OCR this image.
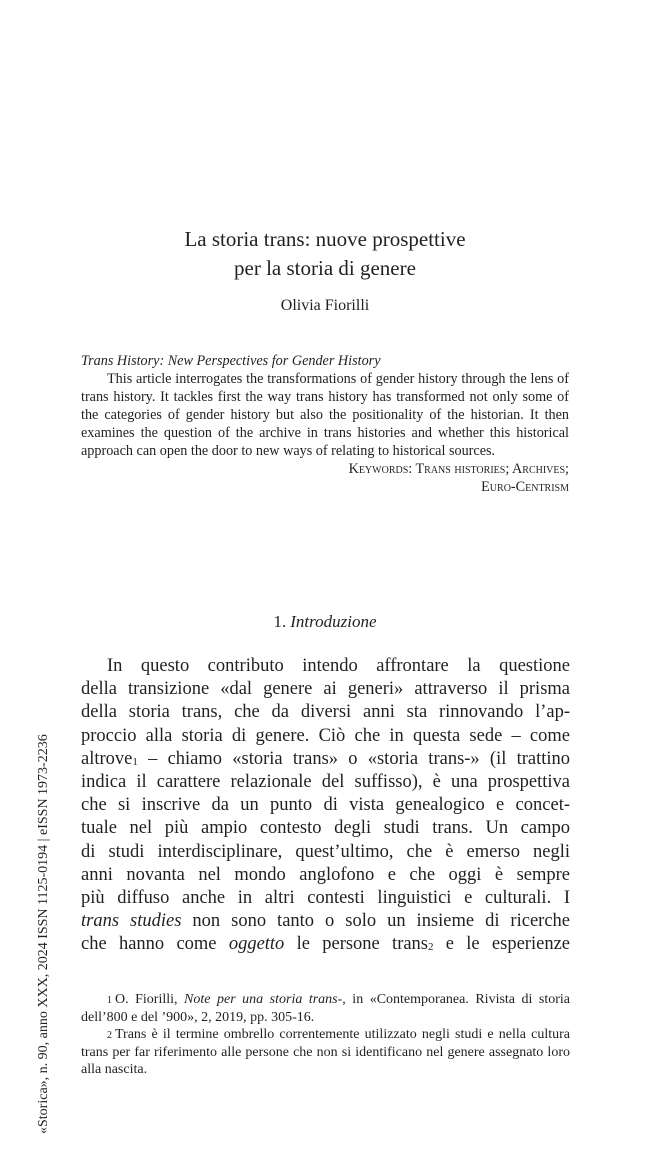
La storia trans: nuove prospettive
per la storia di genere
Olivia Fiorilli
Trans History: New Perspectives for Gender History

This article interrogates the transformations of gender history through the lens of trans history. It tackles first the way trans history has transformed not only some of the categories of gender history but also the positionality of the historian. It then examines the question of the archive in trans histories and whether this historical approach can open the door to new ways of relating to historical sources.

Keywords: Trans histories; Archives;
Euro-Centrism
1. Introduzione
In questo contributo intendo affrontare la questione
della transizione «dal genere ai generi» attraverso il prisma
della storia trans, che da diversi anni sta rinnovando l’ap-
proccio alla storia di genere. Ciò che in questa sede – come
altrove$^1$ – chiamo «storia trans» o «storia trans-» (il trattino
indica il carattere relazionale del suffisso), è una prospettiva
che si inscrive da un punto di vista genealogico e concet-
tuale nel più ampio contesto degli studi trans. Un campo
di studi interdisciplinare, quest’ultimo, che è emerso negli
anni novanta nel mondo anglofono e che oggi è sempre
più diffuso anche in altri contesti linguistici e culturali. I
trans studies non sono tanto o solo un insieme di ricerche
che hanno come oggetto le persone trans$^2$ e le esperienze

$^1$ O. Fiorilli, Note per una storia trans-, in «Contemporanea. Rivista di storia dell’800 e del ’900», 2, 2019, pp. 305-16.

$^2$ Trans è il termine ombrello correntemente utilizzato negli studi e nella cultura trans per far riferimento alle persone che non si identificano nel genere assegnato loro alla nascita.

«Storica», n. 90, anno XXX, 2024 ISSN 1125-0194 | eISSN 1973-2236
